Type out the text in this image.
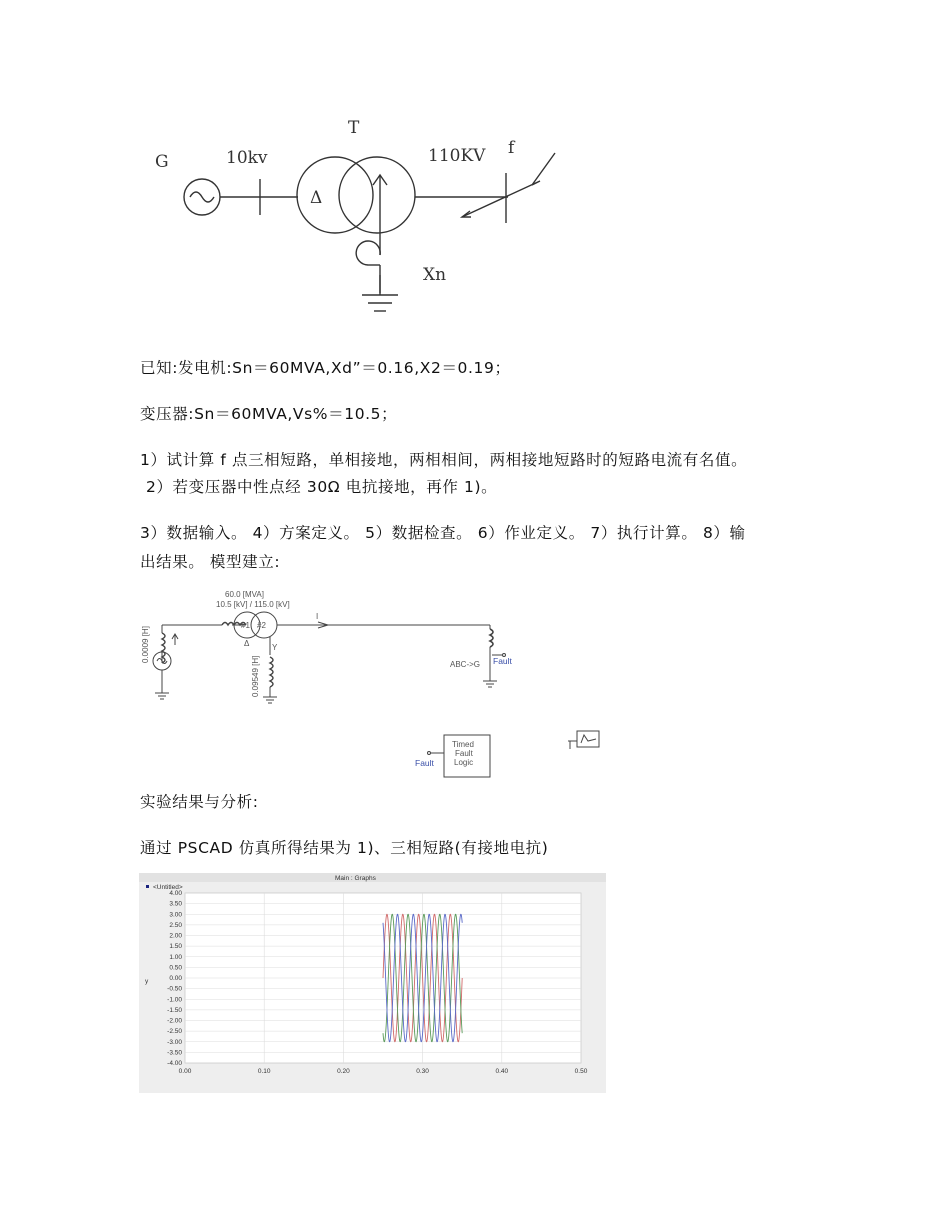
Δ
G	10kv
T
110KV f
Xn
已知:发电机:Sn＝60MVA,Xd”＝0.16,X2＝0.19；
变压器:Sn＝60MVA,Vs%＝10.5；
1）试计算 f 点三相短路，单相接地，两相相间，两相接地短路时的短路电流有名值。
2）若变压器中性点经 30Ω 电抗接地，再作 1)。
3）数据输入。 4）方案定义。 5）数据检查。 6）作业定义。 7）执行计算。 8）输
出结果。 模型建立:
60.0 [MVA]
10.5 [kV] / 115.0 [kV]
#1 #2
Δ	Y
I
0.0009 [H]
0.09549 [H]	ABC->G Fault
Fault
Timed
Fault
Logic
实验结果与分析:
通过 PSCAD 仿真所得结果为 1)、三相短路(有接地电抗)
Main : Graphs
<Untitled>
y
4.00
3.50
3.00
2.50
2.00
1.50
1.00
0.50
0.00
-0.50
-1.00
-1.50
-2.00
-2.50
-3.00
-3.50
-4.00
0.00	0.10	0.20	0.30	0.40	0.50
